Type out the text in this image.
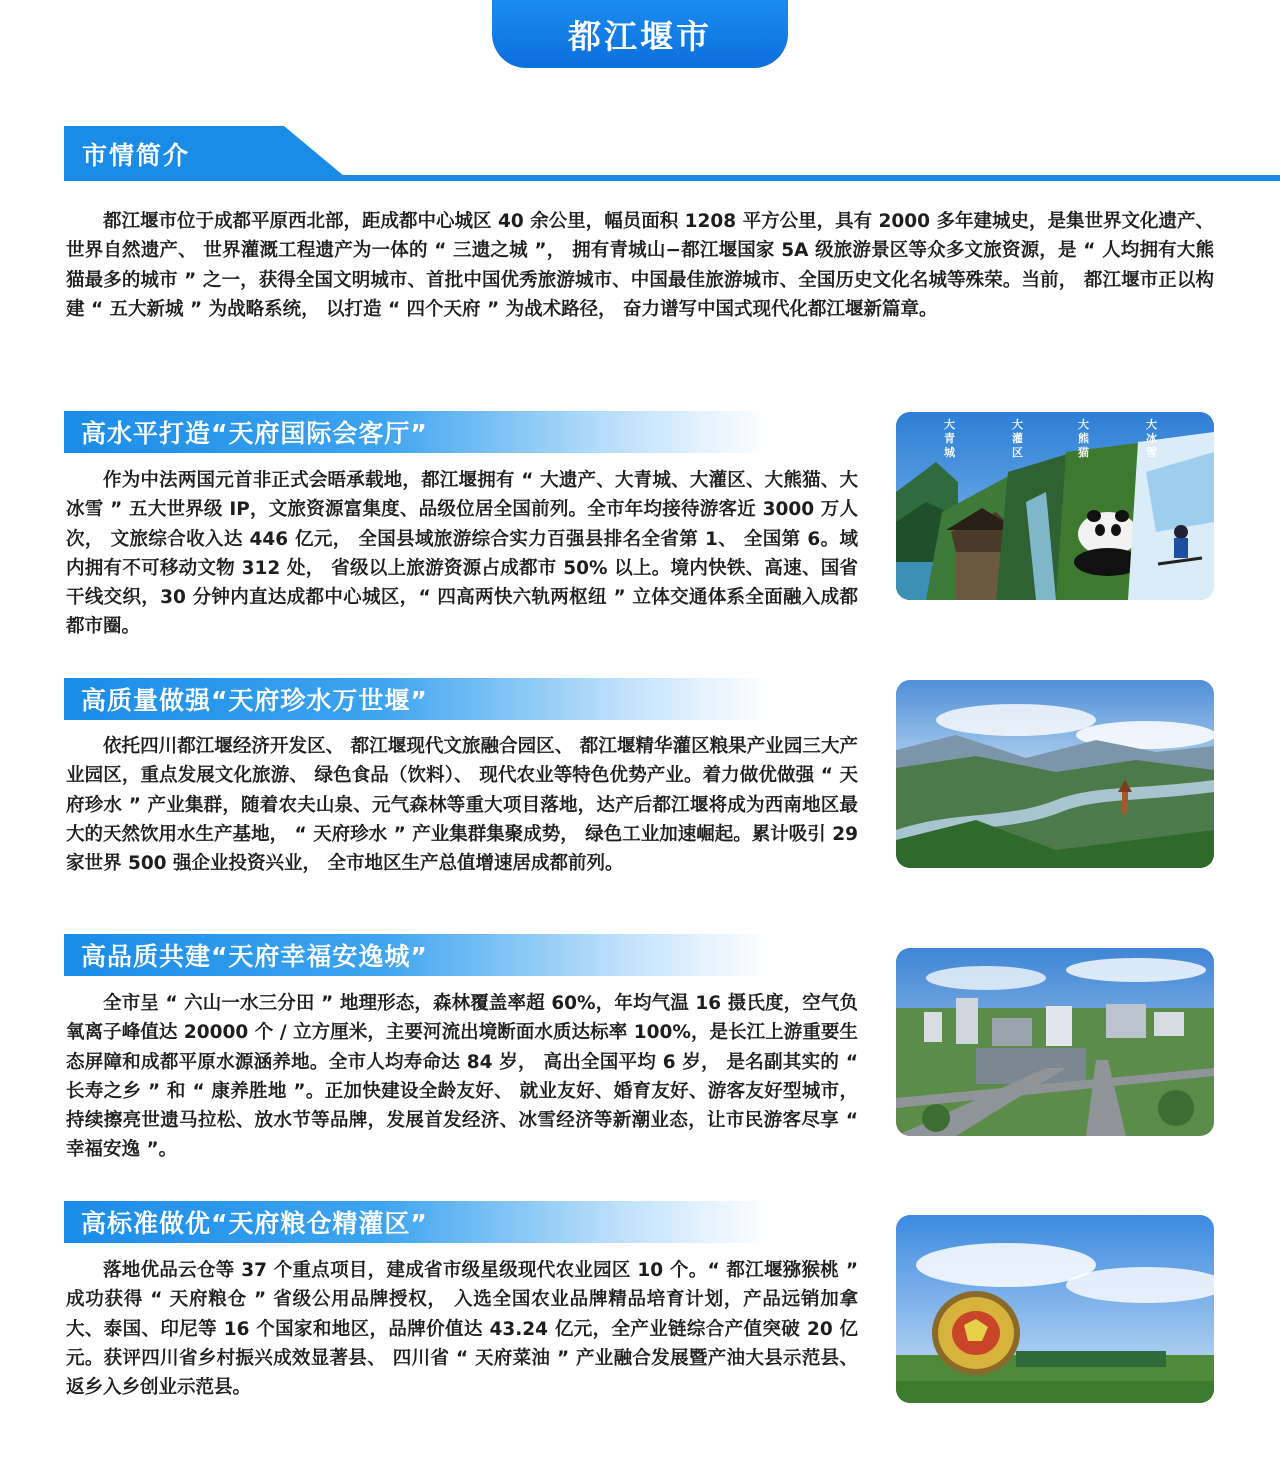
都江堰市
市情简介

都江堰市位于成都平原西北部，距成都中心城区 40 余公里，幅员面积 1208 平方公里，具有 2000 多年建城史，是集世界文化遗产、 世界自然遗产、 世界灌溉工程遗产为一体的 “ 三遗之城 ”， 拥有青城山−都江堰国家 5A 级旅游景区等众多文旅资源，是 “ 人均拥有大熊猫最多的城市 ” 之一，获得全国文明城市、首批中国优秀旅游城市、中国最佳旅游城市、全国历史文化名城等殊荣。当前， 都江堰市正以构建 “ 五大新城 ” 为战略系统， 以打造 “ 四个天府 ” 为战术路径， 奋力谱写中国式现代化都江堰新篇章。

高水平打造“天府国际会客厅”

作为中法两国元首非正式会晤承载地，都江堰拥有 “ 大遗产、大青城、大灌区、大熊猫、大冰雪 ” 五大世界级 IP，文旅资源富集度、品级位居全国前列。全市年均接待游客近 3000 万人次， 文旅综合收入达 446 亿元， 全国县域旅游综合实力百强县排名全省第 1、 全国第 6。域内拥有不可移动文物 312 处， 省级以上旅游资源占成都市 50% 以上。境内快铁、高速、国省干线交织，30 分钟内直达成都中心城区，“ 四高两快六轨两枢纽 ” 立体交通体系全面融入成都都市圈。

大
青
城
大
灌
区
大
熊
猫
大
冰
雪
高质量做强“天府珍水万世堰”

依托四川都江堰经济开发区、 都江堰现代文旅融合园区、 都江堰精华灌区粮果产业园三大产业园区，重点发展文化旅游、 绿色食品（饮料）、 现代农业等特色优势产业。着力做优做强 “ 天府珍水 ” 产业集群，随着农夫山泉、元气森林等重大项目落地，达产后都江堰将成为西南地区最大的天然饮用水生产基地， “ 天府珍水 ” 产业集群集聚成势， 绿色工业加速崛起。累计吸引 29 家世界 500 强企业投资兴业， 全市地区生产总值增速居成都前列。

高品质共建“天府幸福安逸城”

全市呈 “ 六山一水三分田 ” 地理形态，森林覆盖率超 60%，年均气温 16 摄氏度，空气负氧离子峰值达 20000 个 / 立方厘米，主要河流出境断面水质达标率 100%，是长江上游重要生态屏障和成都平原水源涵养地。全市人均寿命达 84 岁， 高出全国平均 6 岁， 是名副其实的 “ 长寿之乡 ” 和 “ 康养胜地 ”。正加快建设全龄友好、 就业友好、婚育友好、游客友好型城市，持续擦亮世遗马拉松、放水节等品牌，发展首发经济、冰雪经济等新潮业态，让市民游客尽享 “ 幸福安逸 ”。

高标准做优“天府粮仓精灌区”

落地优品云仓等 37 个重点项目，建成省市级星级现代农业园区 10 个。“ 都江堰猕猴桃 ” 成功获得 “ 天府粮仓 ” 省级公用品牌授权， 入选全国农业品牌精品培育计划，产品远销加拿大、泰国、印尼等 16 个国家和地区，品牌价值达 43.24 亿元，全产业链综合产值突破 20 亿元。获评四川省乡村振兴成效显著县、 四川省 “ 天府菜油 ” 产业融合发展暨产油大县示范县、返乡入乡创业示范县。
